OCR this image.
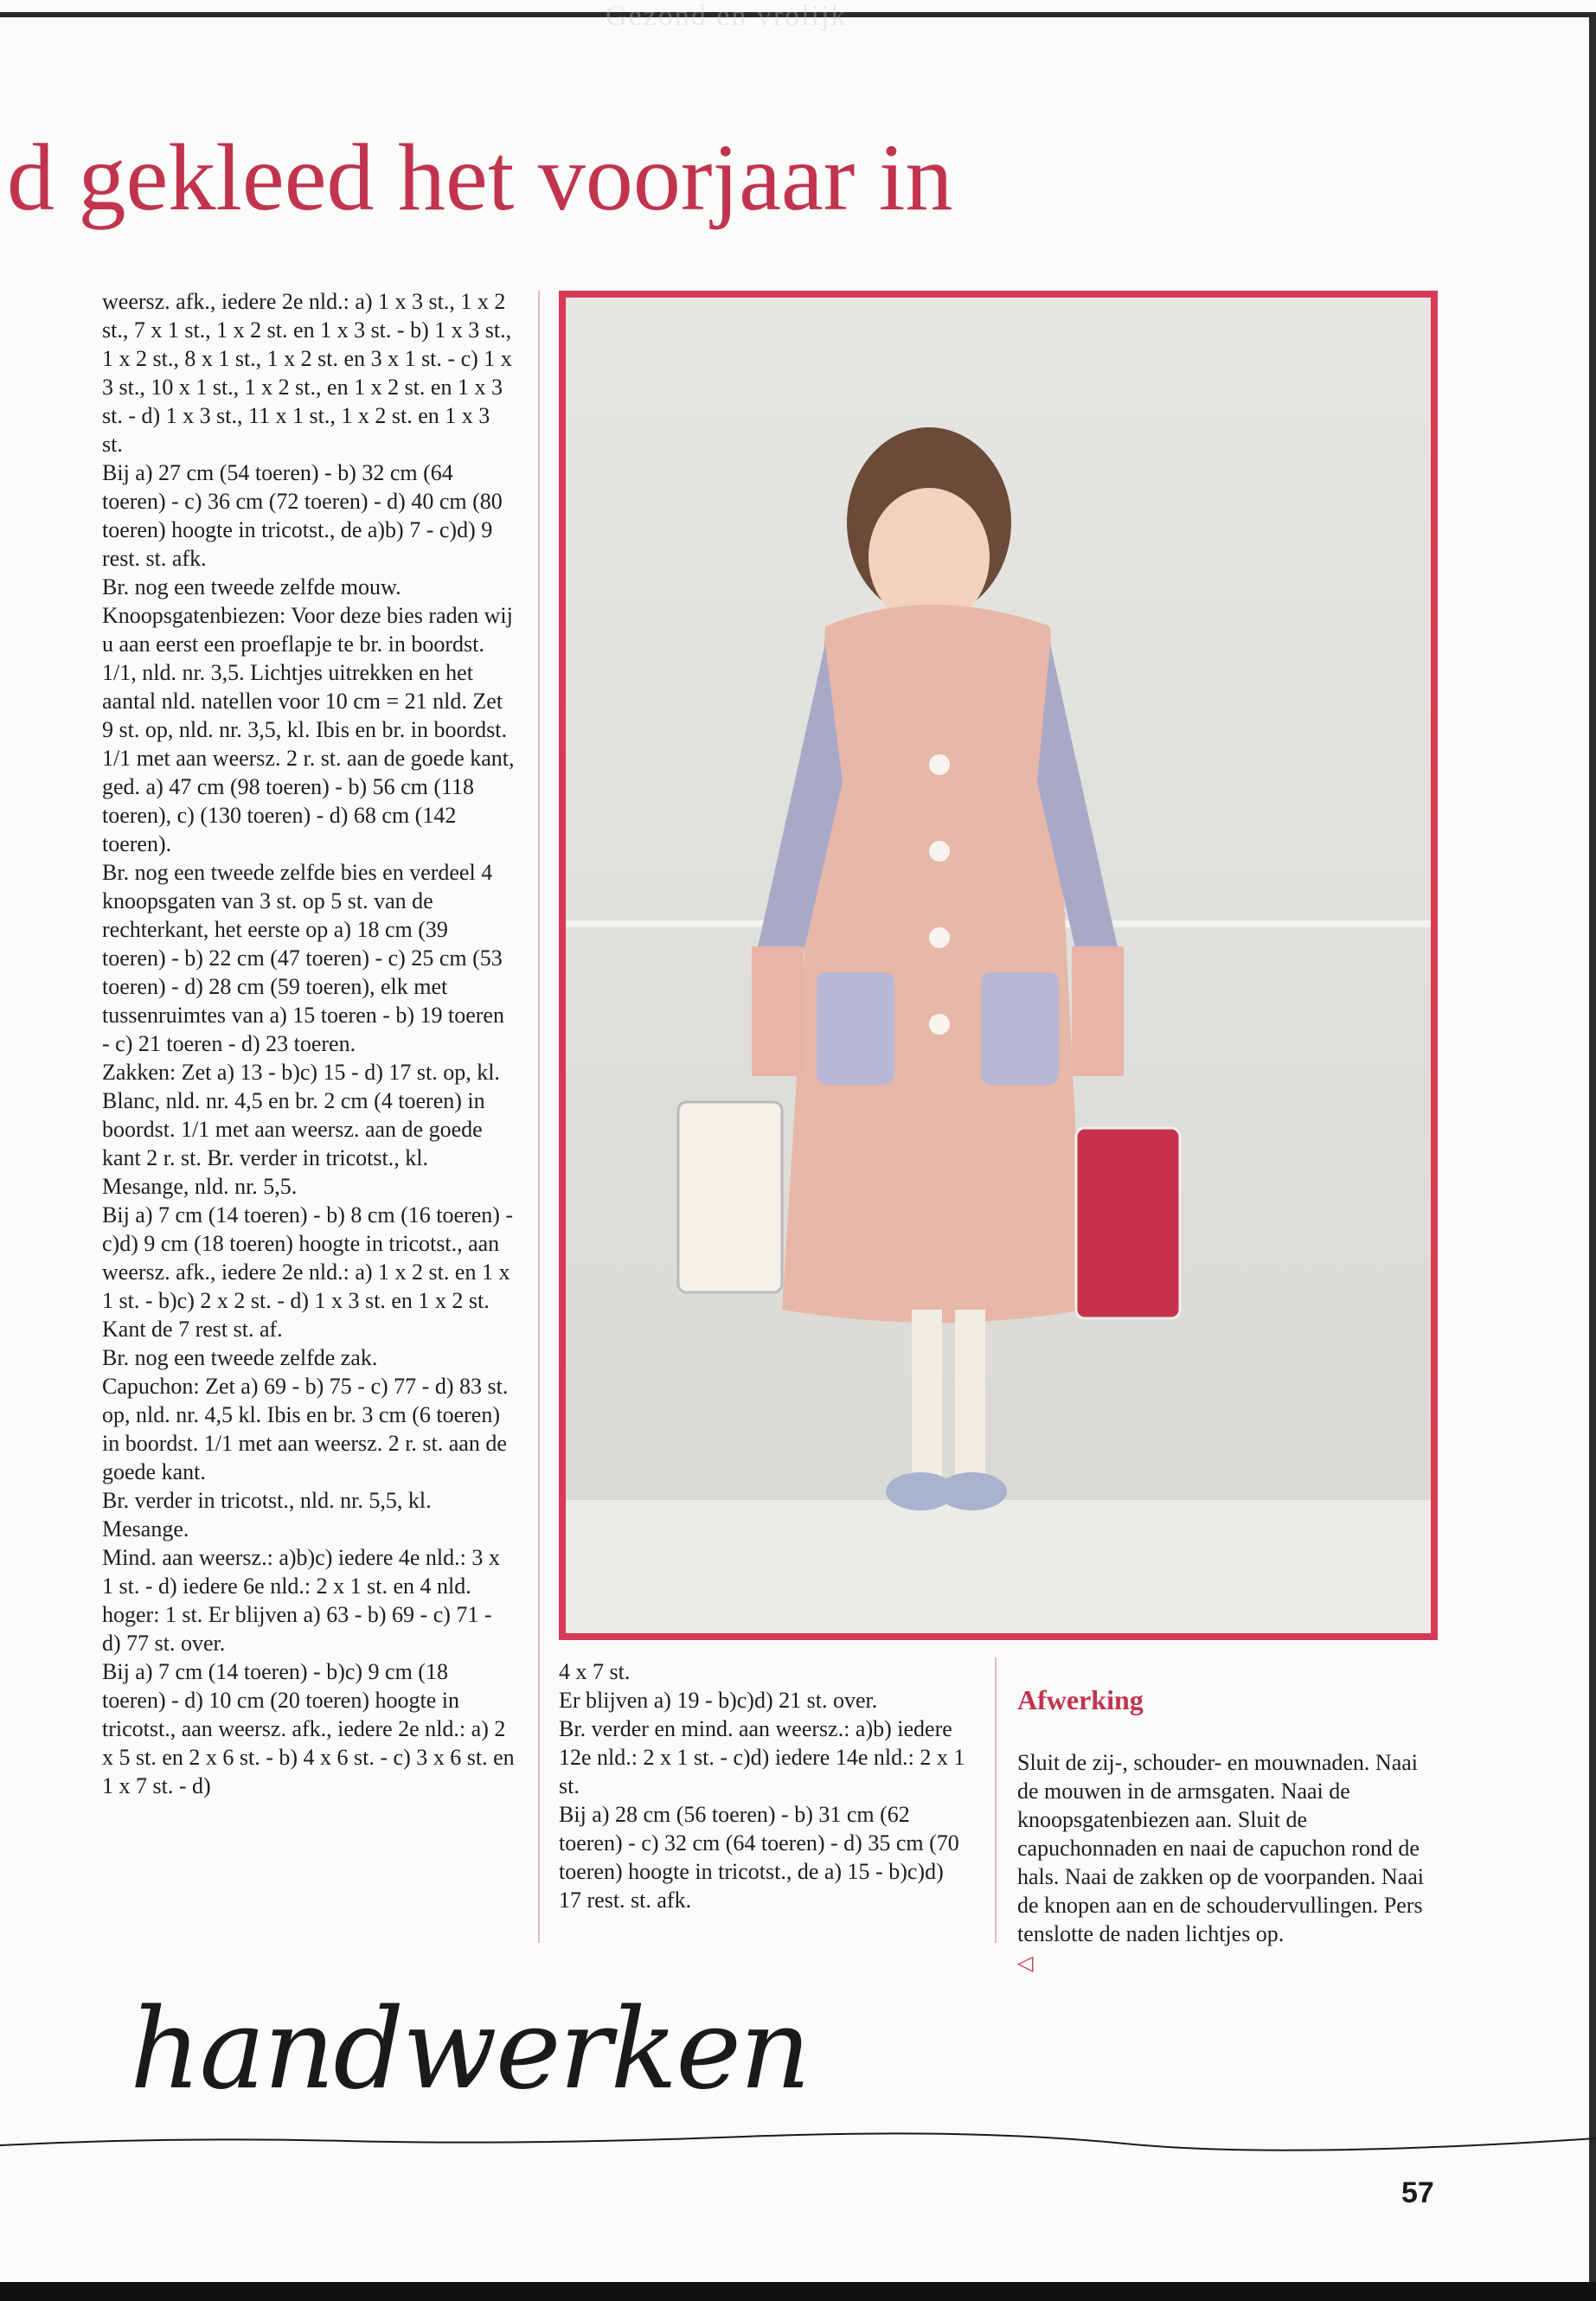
Gezond en vrolijk
d gekleed het voorjaar in
weersz. afk., iedere 2e nld.: a) 1 x 3 st., 1 x 2 st., 7 x 1 st., 1 x 2 st. en 1 x 3 st. - b) 1 x 3 st., 1 x 2 st., 8 x 1 st., 1 x 2 st. en 3 x 1 st. - c) 1 x 3 st., 10 x 1 st., 1 x 2 st., en 1 x 2 st. en 1 x 3 st. - d) 1 x 3 st., 11 x 1 st., 1 x 2 st. en 1 x 3 st.
Bij a) 27 cm (54 toeren) - b) 32 cm (64 toeren) - c) 36 cm (72 toeren) - d) 40 cm (80 toeren) hoogte in tricotst., de a)b) 7 - c)d) 9 rest. st. afk.
Br. nog een tweede zelfde mouw.
Knoopsgatenbiezen: Voor deze bies raden wij u aan eerst een proeflapje te br. in boordst. 1/1, nld. nr. 3,5. Lichtjes uitrekken en het aantal nld. natellen voor 10 cm = 21 nld. Zet 9 st. op, nld. nr. 3,5, kl. Ibis en br. in boordst. 1/1 met aan weersz. 2 r. st. aan de goede kant, ged. a) 47 cm (98 toeren) - b) 56 cm (118 toeren), c) (130 toeren) - d) 68 cm (142 toeren).
Br. nog een tweede zelfde bies en verdeel 4 knoopsgaten van 3 st. op 5 st. van de rechterkant, het eerste op a) 18 cm (39 toeren) - b) 22 cm (47 toeren) - c) 25 cm (53 toeren) - d) 28 cm (59 toeren), elk met tussenruimtes van a) 15 toeren - b) 19 toeren - c) 21 toeren - d) 23 toeren.
Zakken: Zet a) 13 - b)c) 15 - d) 17 st. op, kl. Blanc, nld. nr. 4,5 en br. 2 cm (4 toeren) in boordst. 1/1 met aan weersz. aan de goede kant 2 r. st. Br. verder in tricotst., kl. Mesange, nld. nr. 5,5.
Bij a) 7 cm (14 toeren) - b) 8 cm (16 toeren) - c)d) 9 cm (18 toeren) hoogte in tricotst., aan weersz. afk., iedere 2e nld.: a) 1 x 2 st. en 1 x 1 st. - b)c) 2 x 2 st. - d) 1 x 3 st. en 1 x 2 st.
Kant de 7 rest st. af.
Br. nog een tweede zelfde zak.
Capuchon: Zet a) 69 - b) 75 - c) 77 - d) 83 st. op, nld. nr. 4,5 kl. Ibis en br. 3 cm (6 toeren) in boordst. 1/1 met aan weersz. 2 r. st. aan de goede kant.
Br. verder in tricotst., nld. nr. 5,5, kl. Mesange.
Mind. aan weersz.: a)b)c) iedere 4e nld.: 3 x 1 st. - d) iedere 6e nld.: 2 x 1 st. en 4 nld. hoger: 1 st. Er blijven a) 63 - b) 69 - c) 71 - d) 77 st. over.
Bij a) 7 cm (14 toeren) - b)c) 9 cm (18 toeren) - d) 10 cm (20 toeren) hoogte in tricotst., aan weersz. afk., iedere 2e nld.: a) 2 x 5 st. en 2 x 6 st. - b) 4 x 6 st. - c) 3 x 6 st. en 1 x 7 st. - d)
4 x 7 st.
Er blijven a) 19 - b)c)d) 21 st. over.
Br. verder en mind. aan weersz.: a)b) iedere 12e nld.: 2 x 1 st. - c)d) iedere 14e nld.: 2 x 1 st.
Bij a) 28 cm (56 toeren) - b) 31 cm (62 toeren) - c) 32 cm (64 toeren) - d) 35 cm (70 toeren) hoogte in tricotst., de a) 15 - b)c)d) 17 rest. st. afk.

Afwerking

Sluit de zij-, schouder- en mouwnaden. Naai de mouwen in de armsgaten. Naai de knoopsgatenbiezen aan. Sluit de capuchonnaden en naai de capuchon rond de hals. Naai de zakken op de voorpanden. Naai de knopen aan en de schoudervullingen. Pers tenslotte de naden lichtjes op.
◁

handwerken
57
